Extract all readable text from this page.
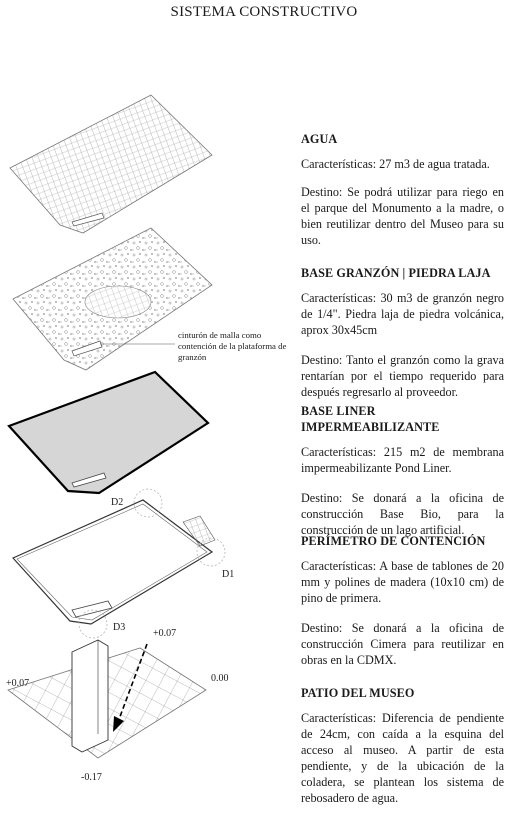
SISTEMA CONSTRUCTIVO
cinturón de malla como contención de la plataforma de granzón
D2
D1
D3
+0.07
+0.07	0.00
-0.17
AGUA

Características: 27 m3 de agua tratada.

Destino: Se podrá utilizar para riego en el parque del Monumento a la madre, o bien reutilizar dentro del Museo para su uso.

BASE GRANZÓN | PIEDRA LAJA

Características: 30 m3 de granzón negro de 1/4". Piedra laja de piedra volcánica, aprox 30x45cm

Destino: Tanto el granzón como la grava rentarían por el tiempo requerido para después regresarlo al proveedor.

BASE LINER IMPERMEABILIZANTE

Características: 215 m2 de membrana impermeabilizante Pond Liner.

Destino: Se donará a la oficina de construcción Base Bio, para la construcción de un lago artificial.

PERÍMETRO DE CONTENCIÓN

Características: A base de tablones de 20 mm y polines de madera (10x10 cm) de pino de primera.

Destino: Se donará a la oficina de construcción Cimera para reutilizar en obras en la CDMX.

PATIO DEL MUSEO

Características: Diferencia de pendiente de 24cm, con caída a la esquina del acceso al museo. A partir de esta pendiente, y de la ubicación de la coladera, se plantean los sistema de rebosadero de agua.
